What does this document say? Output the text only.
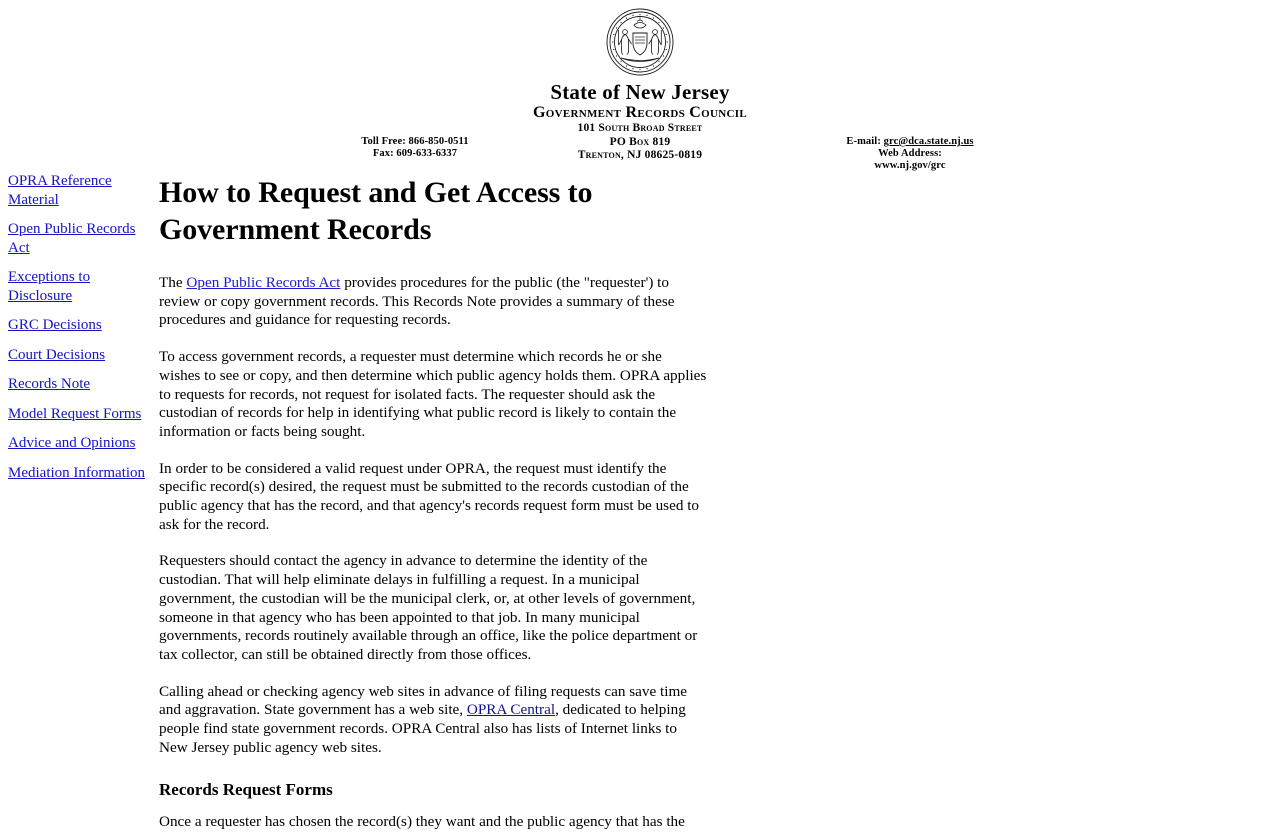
State of New Jersey
Government Records Council
101 South Broad Street
PO Box 819
Trenton, NJ 08625-0819
Toll Free: 866-850-0511
Fax: 609-633-6337
E-mail: grc@dca.state.nj.us
Web Address:
www.nj.gov/grc
OPRA Reference Material
Open Public Records Act
Exceptions to Disclosure
GRC Decisions
Court Decisions
Records Note
Model Request Forms
Advice and Opinions
Mediation Information
How to Request and Get Access to Government Records

The Open Public Records Act provides procedures for the public (the "requester') to review or copy government records. This Records Note provides a summary of these procedures and guidance for requesting records.

To access government records, a requester must determine which records he or she wishes to see or copy, and then determine which public agency holds them. OPRA applies to requests for records, not request for isolated facts. The requester should ask the custodian of records for help in identifying what public record is likely to contain the information or facts being sought.

In order to be considered a valid request under OPRA, the request must identify the specific record(s) desired, the request must be submitted to the records custodian of the public agency that has the record, and that agency's records request form must be used to ask for the record.

Requesters should contact the agency in advance to determine the identity of the custodian. That will help eliminate delays in fulfilling a request. In a municipal government, the custodian will be the municipal clerk, or, at other levels of government, someone in that agency who has been appointed to that job. In many municipal governments, records routinely available through an office, like the police department or tax collector, can still be obtained directly from those offices.

Calling ahead or checking agency web sites in advance of filing requests can save time and aggravation. State government has a web site, OPRA Central, dedicated to helping people find state government records. OPRA Central also has lists of Internet links to New Jersey public agency web sites.

Records Request Forms

Once a requester has chosen the record(s) they want and the public agency that has the
